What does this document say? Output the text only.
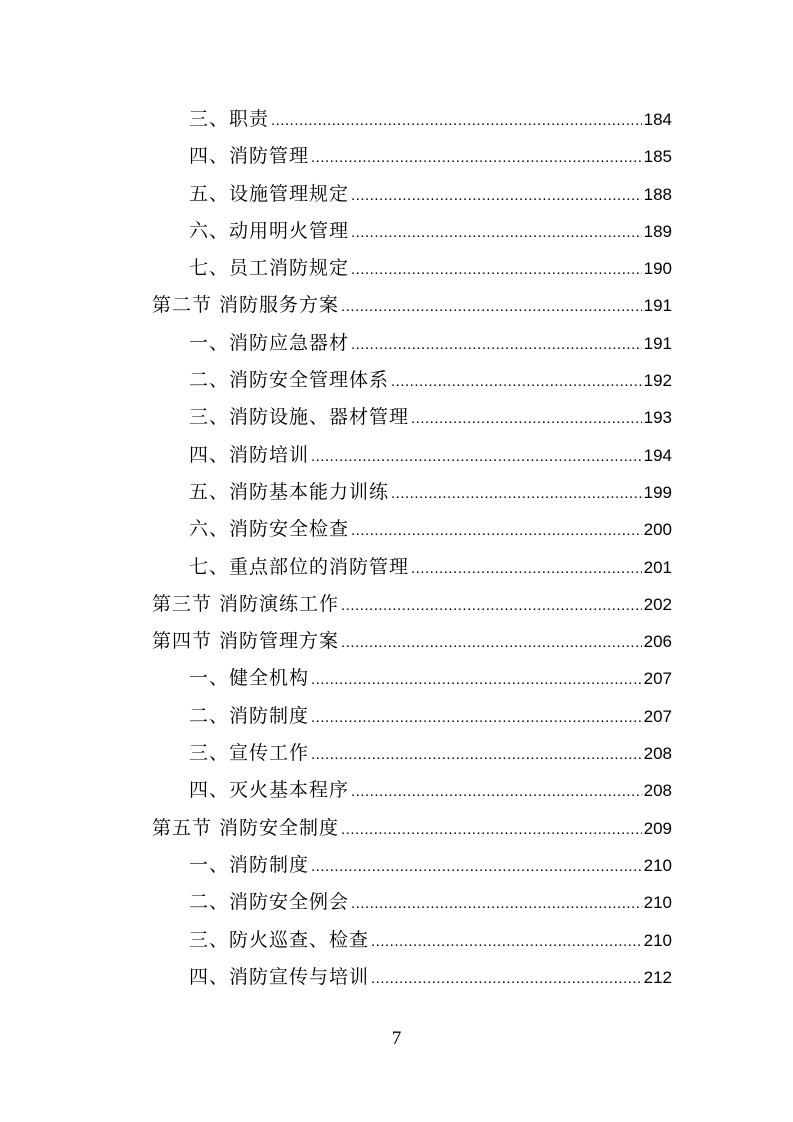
三、职责 .....	184
四、消防管理 .....	185
五、设施管理规定 .....	188
六、动用明火管理 .....	189
七、员工消防规定 .....	190
第二节 消防服务方案 .....	191
一、消防应急器材 .....	191
二、消防安全管理体系 .....	192
三、消防设施、器材管理 .....	193
四、消防培训 .....	194
五、消防基本能力训练 .....	199
六、消防安全检查 .....	200
七、重点部位的消防管理 .....	201
第三节 消防演练工作 .....	202
第四节 消防管理方案 .....	206
一、健全机构 .....	207
二、消防制度 .....	207
三、宣传工作 .....	208
四、灭火基本程序 .....	208
第五节 消防安全制度 .....	209
一、消防制度 .....	210
二、消防安全例会 .....	210
三、防火巡查、检查 .....	210
四、消防宣传与培训 .....	212
7
